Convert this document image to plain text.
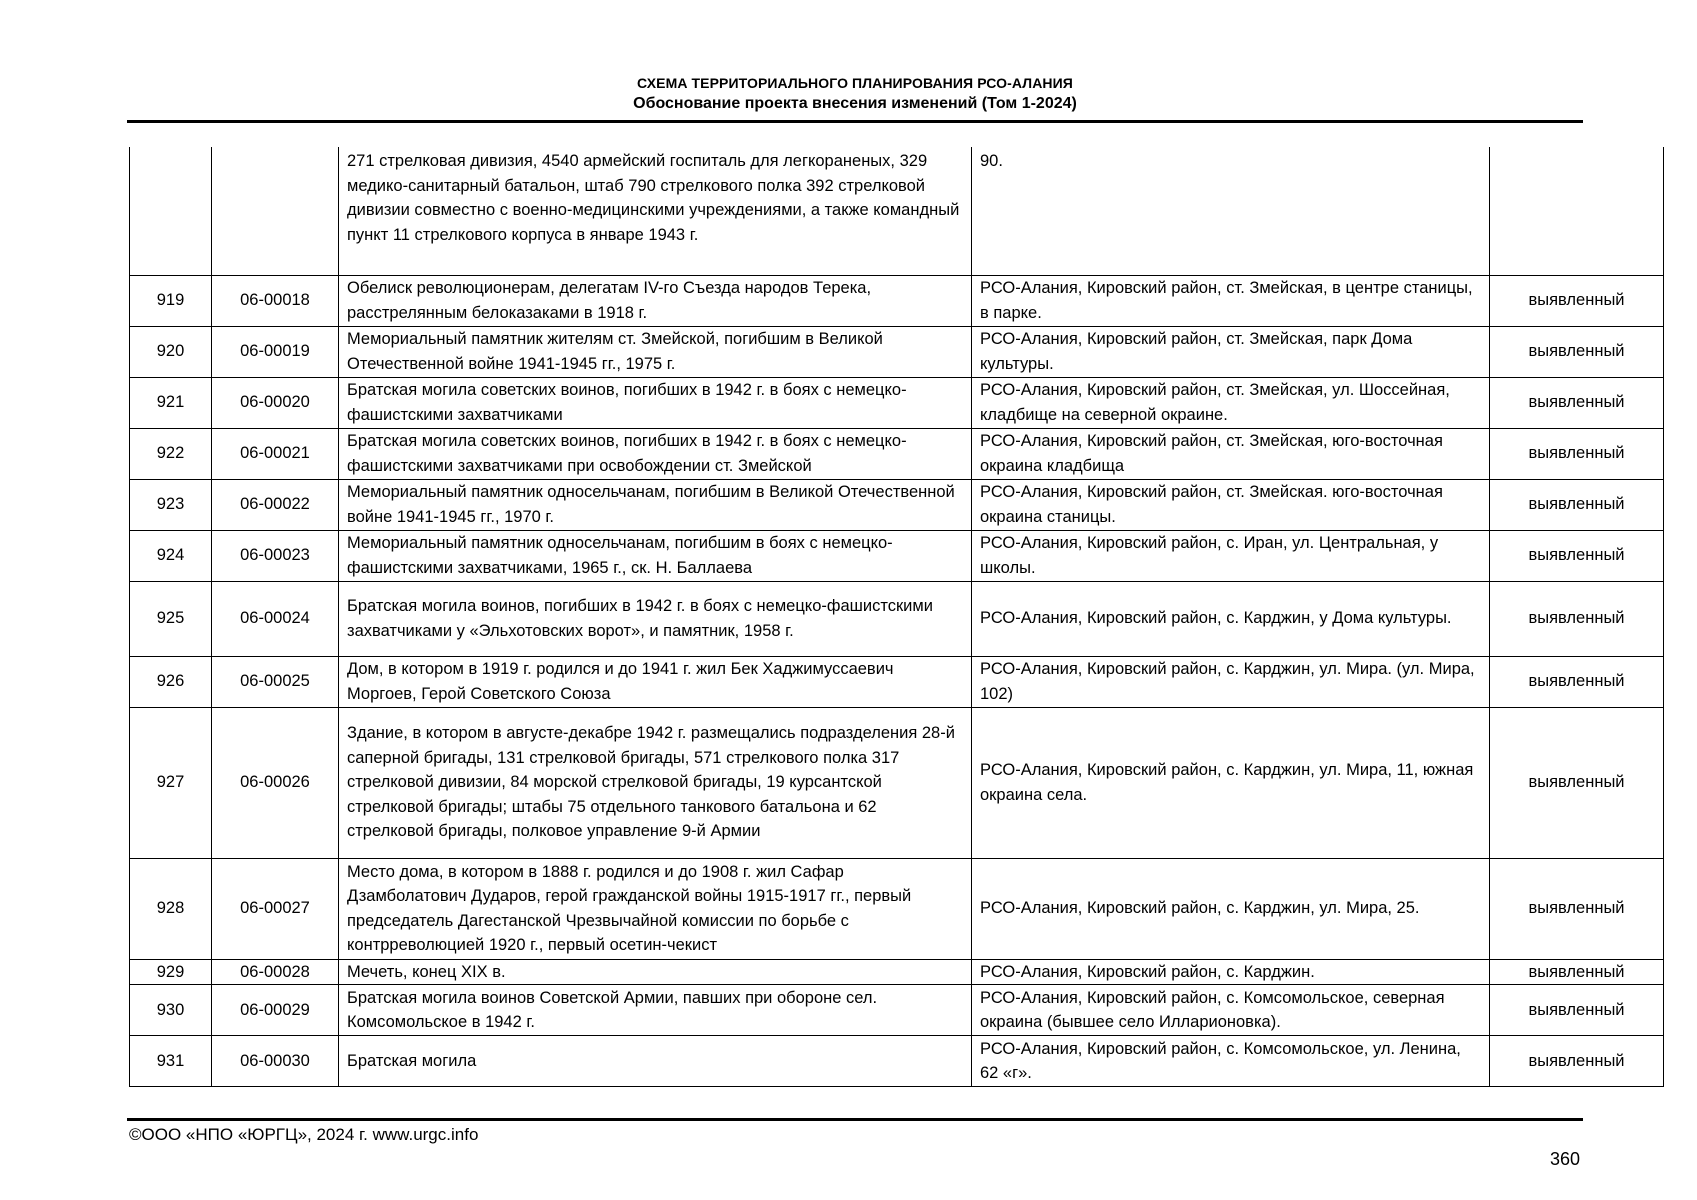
СХЕМА ТЕРРИТОРИАЛЬНОГО ПЛАНИРОВАНИЯ РСО-АЛАНИЯ
Обоснование проекта внесения изменений (Том 1-2024)
		271 стрелковая дивизия, 4540 армейский госпиталь для легкораненых, 329 медико-санитарный батальон, штаб 790 стрелкового полка 392 стрелковой дивизии совместно с военно-медицинскими учреждениями, а также командный пункт 11 стрелкового корпуса в январе 1943 г.	90.	
919	06-00018	Обелиск революционерам, делегатам IV-го Съезда народов Терека, расстрелянным белоказаками в 1918 г.	РСО-Алания, Кировский район, ст. Змейская, в центре станицы, в парке.	выявленный
920	06-00019	Мемориальный памятник жителям ст. Змейской, погибшим в Великой Отечественной войне 1941-1945 гг., 1975 г.	РСО-Алания, Кировский район, ст. Змейская, парк Дома культуры.	выявленный
921	06-00020	Братская могила советских воинов, погибших в 1942 г. в боях с немецко-фашистскими захватчиками	РСО-Алания, Кировский район, ст. Змейская, ул. Шоссейная, кладбище на северной окраине.	выявленный
922	06-00021	Братская могила советских воинов, погибших в 1942 г. в боях с немецко-фашистскими захватчиками при освобождении ст. Змейской	РСО-Алания, Кировский район, ст. Змейская, юго-восточная окраина кладбища	выявленный
923	06-00022	Мемориальный памятник односельчанам, погибшим в Великой Отечественной войне 1941-1945 гг., 1970 г.	РСО-Алания, Кировский район, ст. Змейская. юго-восточная окраина станицы.	выявленный
924	06-00023	Мемориальный памятник односельчанам, погибшим в боях с немецко-фашистскими захватчиками, 1965 г., ск. Н. Баллаева	РСО-Алания, Кировский район, с. Иран, ул. Центральная, у школы.	выявленный
925	06-00024	Братская могила воинов, погибших в 1942 г. в боях с немецко-фашистскими захватчиками у «Эльхотовских ворот», и памятник, 1958 г.	РСО-Алания, Кировский район, с. Карджин, у Дома культуры.	выявленный
926	06-00025	Дом, в котором в 1919 г. родился и до 1941 г. жил Бек Хаджимуссаевич Моргоев, Герой Советского Союза	РСО-Алания, Кировский район, с. Карджин, ул. Мира. (ул. Мира, 102)	выявленный
927	06-00026	Здание, в котором в августе-декабре 1942 г. размещались подразделения 28-й саперной бригады, 131 стрелковой бригады, 571 стрелкового полка 317 стрелковой дивизии, 84 морской стрелковой бригады, 19 курсантской стрелковой бригады; штабы 75 отдельного танкового батальона и 62 стрелковой бригады, полковое управление 9-й Армии	РСО-Алания, Кировский район, с. Карджин, ул. Мира, 11, южная окраина села.	выявленный
928	06-00027	Место дома, в котором в 1888 г. родился и до 1908 г. жил Сафар Дзамболатович Дударов, герой гражданской войны 1915-1917 гг., первый председатель Дагестанской Чрезвычайной комиссии по борьбе с контрреволюцией 1920 г., первый осетин-чекист	РСО-Алания, Кировский район, с. Карджин, ул. Мира, 25.	выявленный
929	06-00028	Мечеть, конец XIX в.	РСО-Алания, Кировский район, с. Карджин.	выявленный
930	06-00029	Братская могила воинов Советской Армии, павших при обороне сел. Комсомольское в 1942 г.	РСО-Алания, Кировский район, с. Комсомольское, северная окраина (бывшее село Илларионовка).	выявленный
931	06-00030	Братская могила	РСО-Алания, Кировский район, с. Комсомольское, ул. Ленина, 62 «г».	выявленный
©ООО «НПО «ЮРГЦ», 2024 г. www.urgc.info
360
